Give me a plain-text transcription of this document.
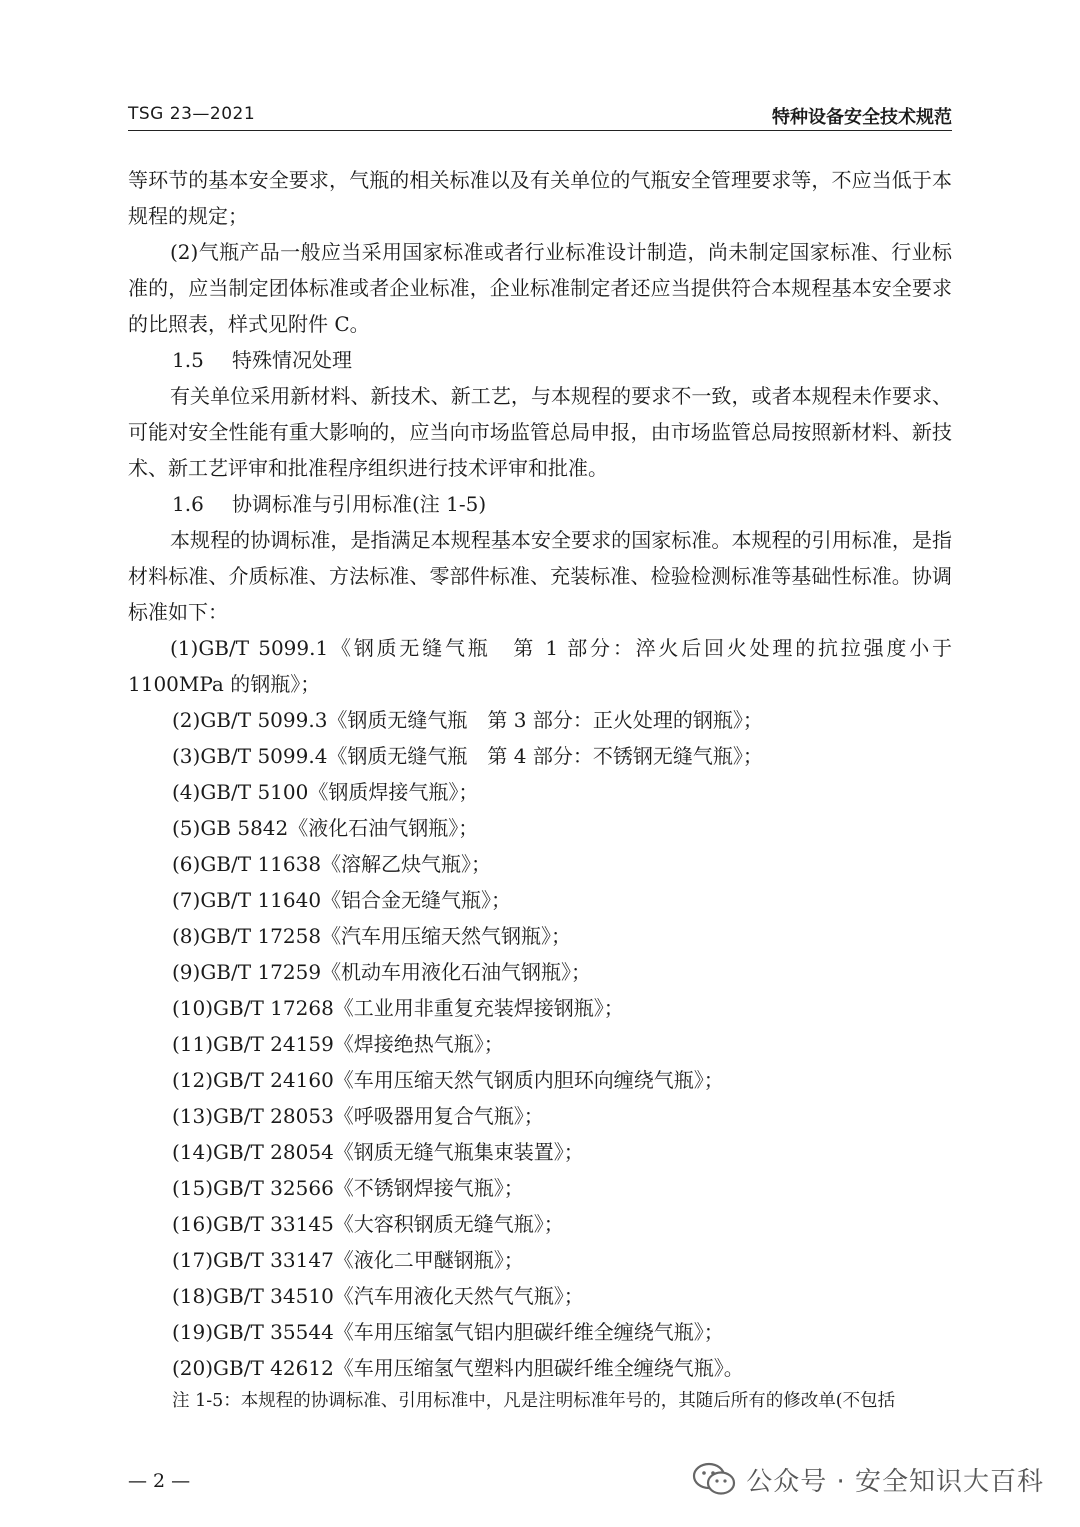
TSG 23—2021	特种设备安全技术规范

等环节的基本安全要求，气瓶的相关标准以及有关单位的气瓶安全管理要求等，不应当低于本规程的规定；

(2)气瓶产品一般应当采用国家标准或者行业标准设计制造，尚未制定国家标准、行业标准的，应当制定团体标准或者企业标准，企业标准制定者还应当提供符合本规程基本安全要求的比照表，样式见附件 C。

1.5 特殊情况处理

有关单位采用新材料、新技术、新工艺，与本规程的要求不一致，或者本规程未作要求、可能对安全性能有重大影响的，应当向市场监管总局申报，由市场监管总局按照新材料、新技术、新工艺评审和批准程序组织进行技术评审和批准。

1.6 协调标准与引用标准(注 1-5)

本规程的协调标准，是指满足本规程基本安全要求的国家标准。本规程的引用标准，是指材料标准、介质标准、方法标准、零部件标准、充装标准、检验检测标准等基础性标准。协调标准如下：

(1)GB/T 5099.1《钢质无缝气瓶　第 1 部分：淬火后回火处理的抗拉强度小于 1100MPa 的钢瓶》；

(2)GB/T 5099.3《钢质无缝气瓶　第 3 部分：正火处理的钢瓶》；

(3)GB/T 5099.4《钢质无缝气瓶　第 4 部分：不锈钢无缝气瓶》；

(4)GB/T 5100《钢质焊接气瓶》；

(5)GB 5842《液化石油气钢瓶》；

(6)GB/T 11638《溶解乙炔气瓶》；

(7)GB/T 11640《铝合金无缝气瓶》；

(8)GB/T 17258《汽车用压缩天然气钢瓶》；

(9)GB/T 17259《机动车用液化石油气钢瓶》；

(10)GB/T 17268《工业用非重复充装焊接钢瓶》；

(11)GB/T 24159《焊接绝热气瓶》；

(12)GB/T 24160《车用压缩天然气钢质内胆环向缠绕气瓶》；

(13)GB/T 28053《呼吸器用复合气瓶》；

(14)GB/T 28054《钢质无缝气瓶集束装置》；

(15)GB/T 32566《不锈钢焊接气瓶》；

(16)GB/T 33145《大容积钢质无缝气瓶》；

(17)GB/T 33147《液化二甲醚钢瓶》；

(18)GB/T 34510《汽车用液化天然气气瓶》；

(19)GB/T 35544《车用压缩氢气铝内胆碳纤维全缠绕气瓶》；

(20)GB/T 42612《车用压缩氢气塑料内胆碳纤维全缠绕气瓶》。

注 1-5：本规程的协调标准、引用标准中，凡是注明标准年号的，其随后所有的修改单(不包括

— 2 —	公众号 · 安全知识大百科
